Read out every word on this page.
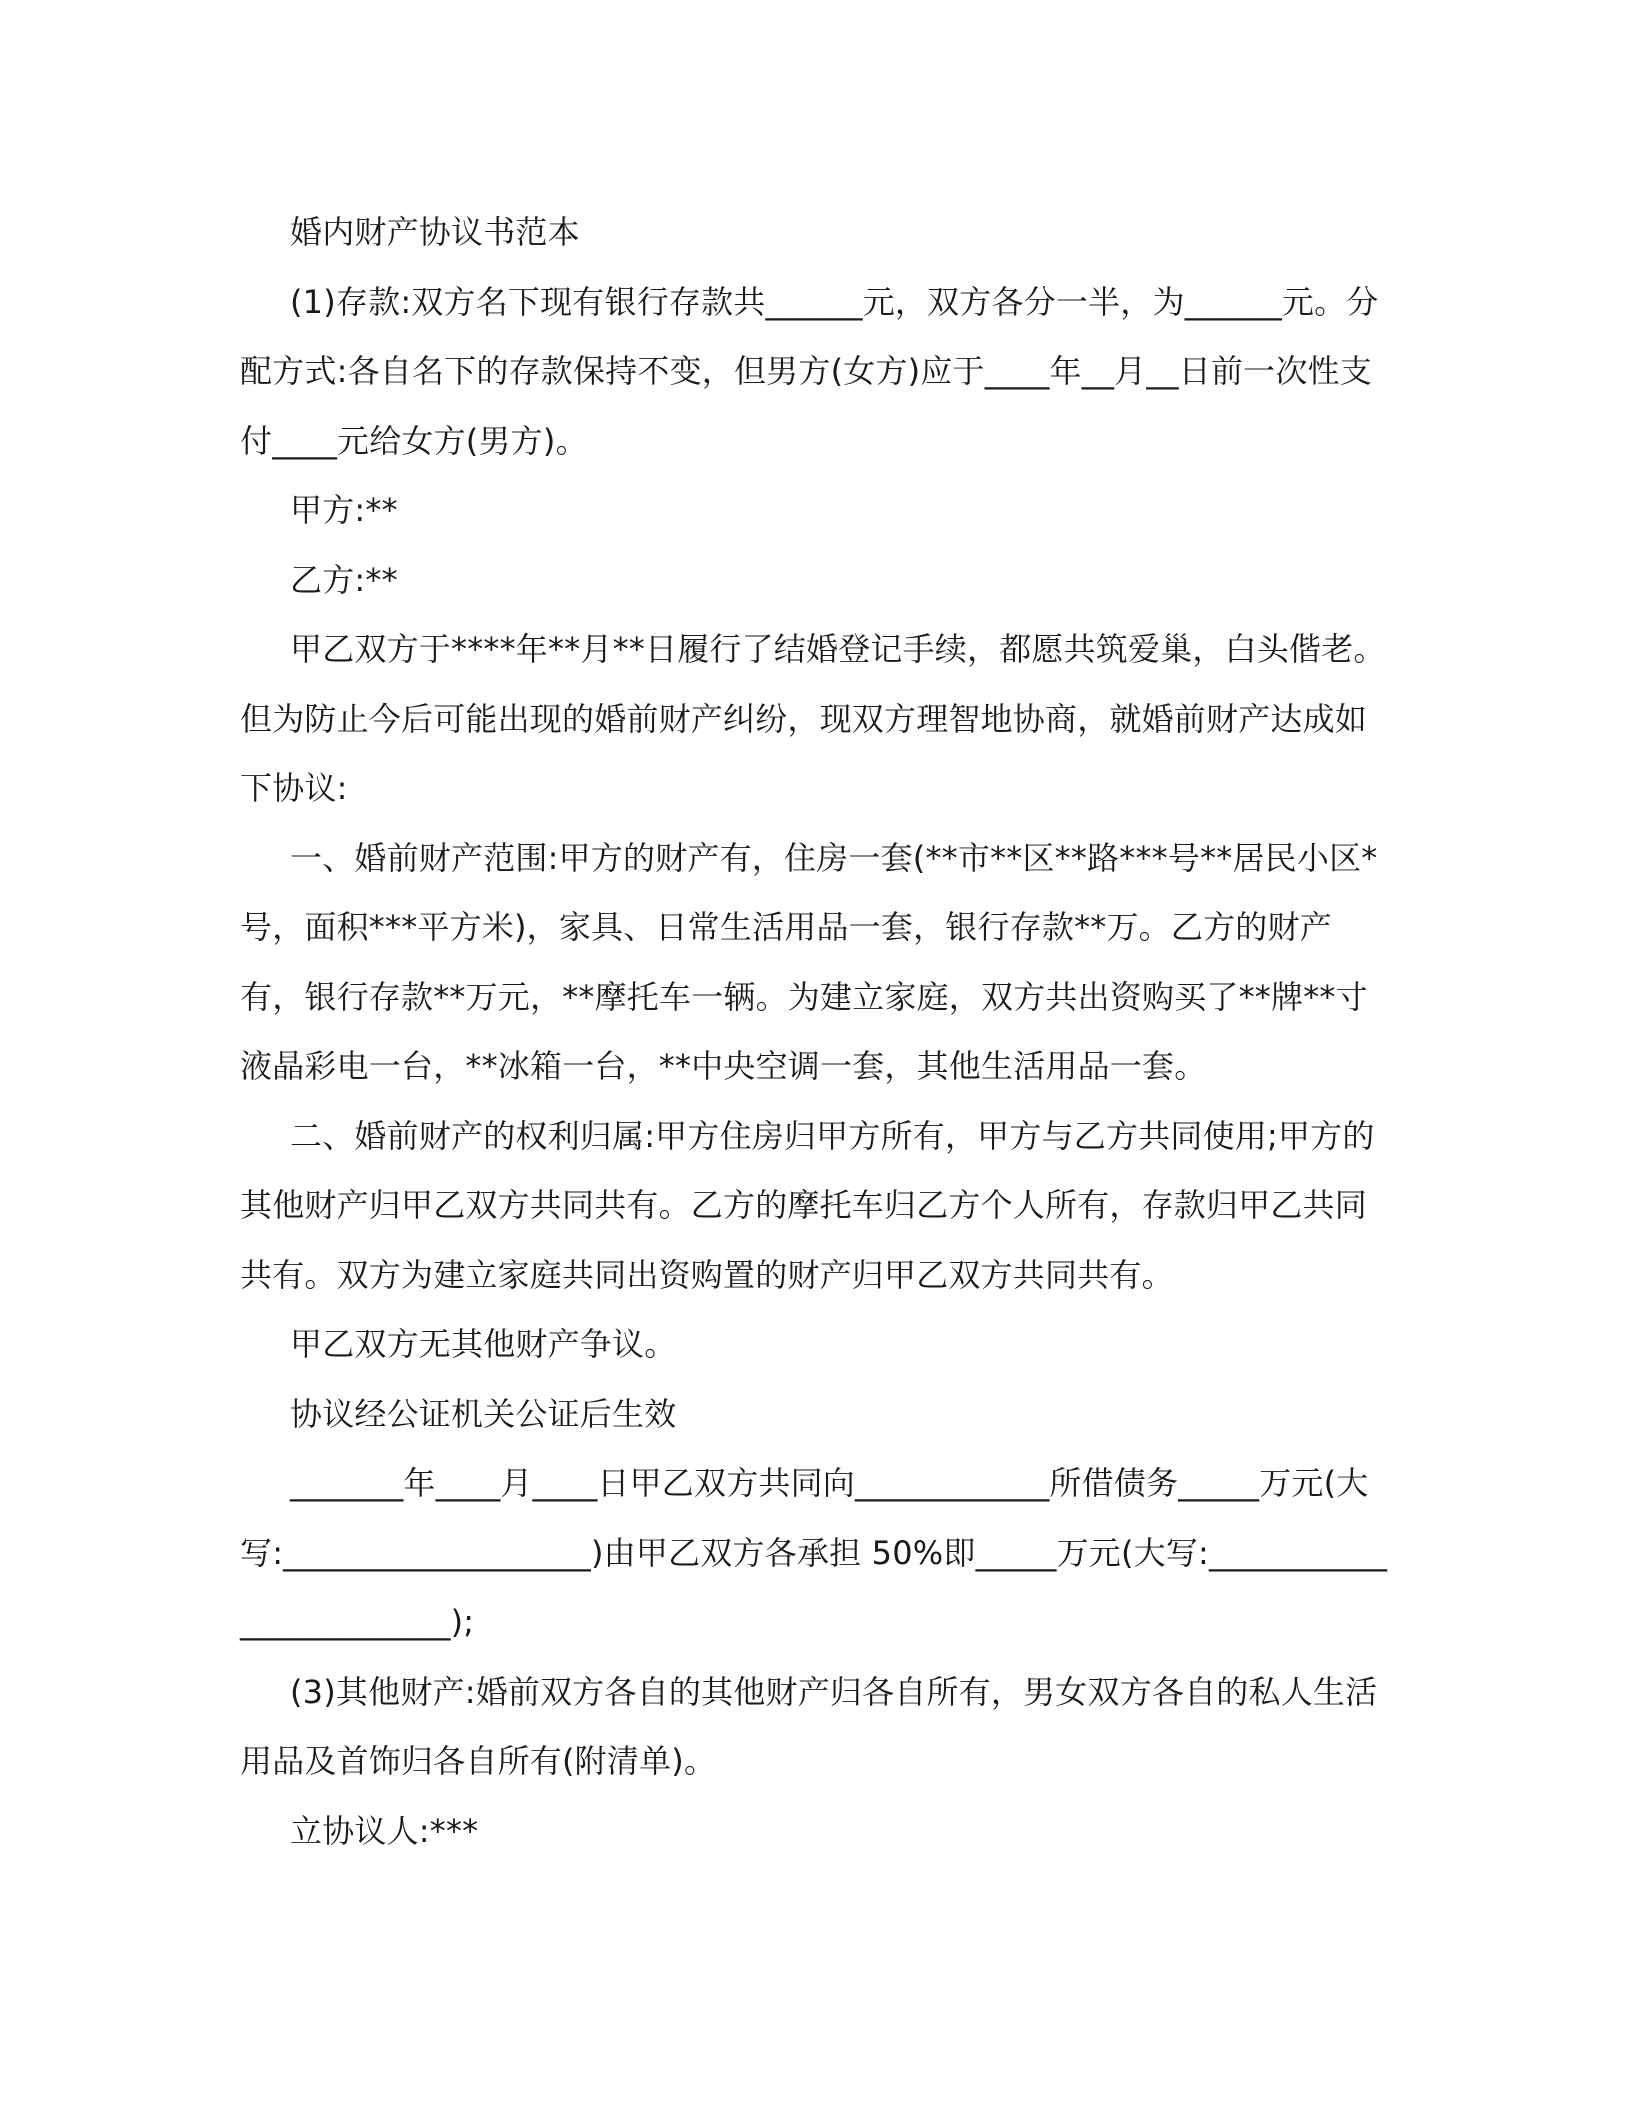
婚内财产协议书范本

(1)存款:双方名下现有银行存款共______元，双方各分一半，为______元。分配方式:各自名下的存款保持不变，但男方(女方)应于____年__月__日前一次性支付____元给女方(男方)。

甲方:**

乙方:**

甲乙双方于****年**月**日履行了结婚登记手续，都愿共筑爱巢，白头偕老。但为防止今后可能出现的婚前财产纠纷，现双方理智地协商，就婚前财产达成如下协议:

一、婚前财产范围:甲方的财产有，住房一套(**市**区**路***号**居民小区*号，面积***平方米)，家具、日常生活用品一套，银行存款**万。乙方的财产有，银行存款**万元，**摩托车一辆。为建立家庭，双方共出资购买了**牌**寸液晶彩电一台，**冰箱一台，**中央空调一套，其他生活用品一套。

二、婚前财产的权利归属:甲方住房归甲方所有，甲方与乙方共同使用;甲方的其他财产归甲乙双方共同共有。乙方的摩托车归乙方个人所有，存款归甲乙共同共有。双方为建立家庭共同出资购置的财产归甲乙双方共同共有。

甲乙双方无其他财产争议。

协议经公证机关公证后生效

_______年____月____日甲乙双方共同向____________所借债务_____万元(大写:___________________)由甲乙双方各承担 50%即_____万元(大写:________________________);

(3)其他财产:婚前双方各自的其他财产归各自所有，男女双方各自的私人生活用品及首饰归各自所有(附清单)。

立协议人:***
